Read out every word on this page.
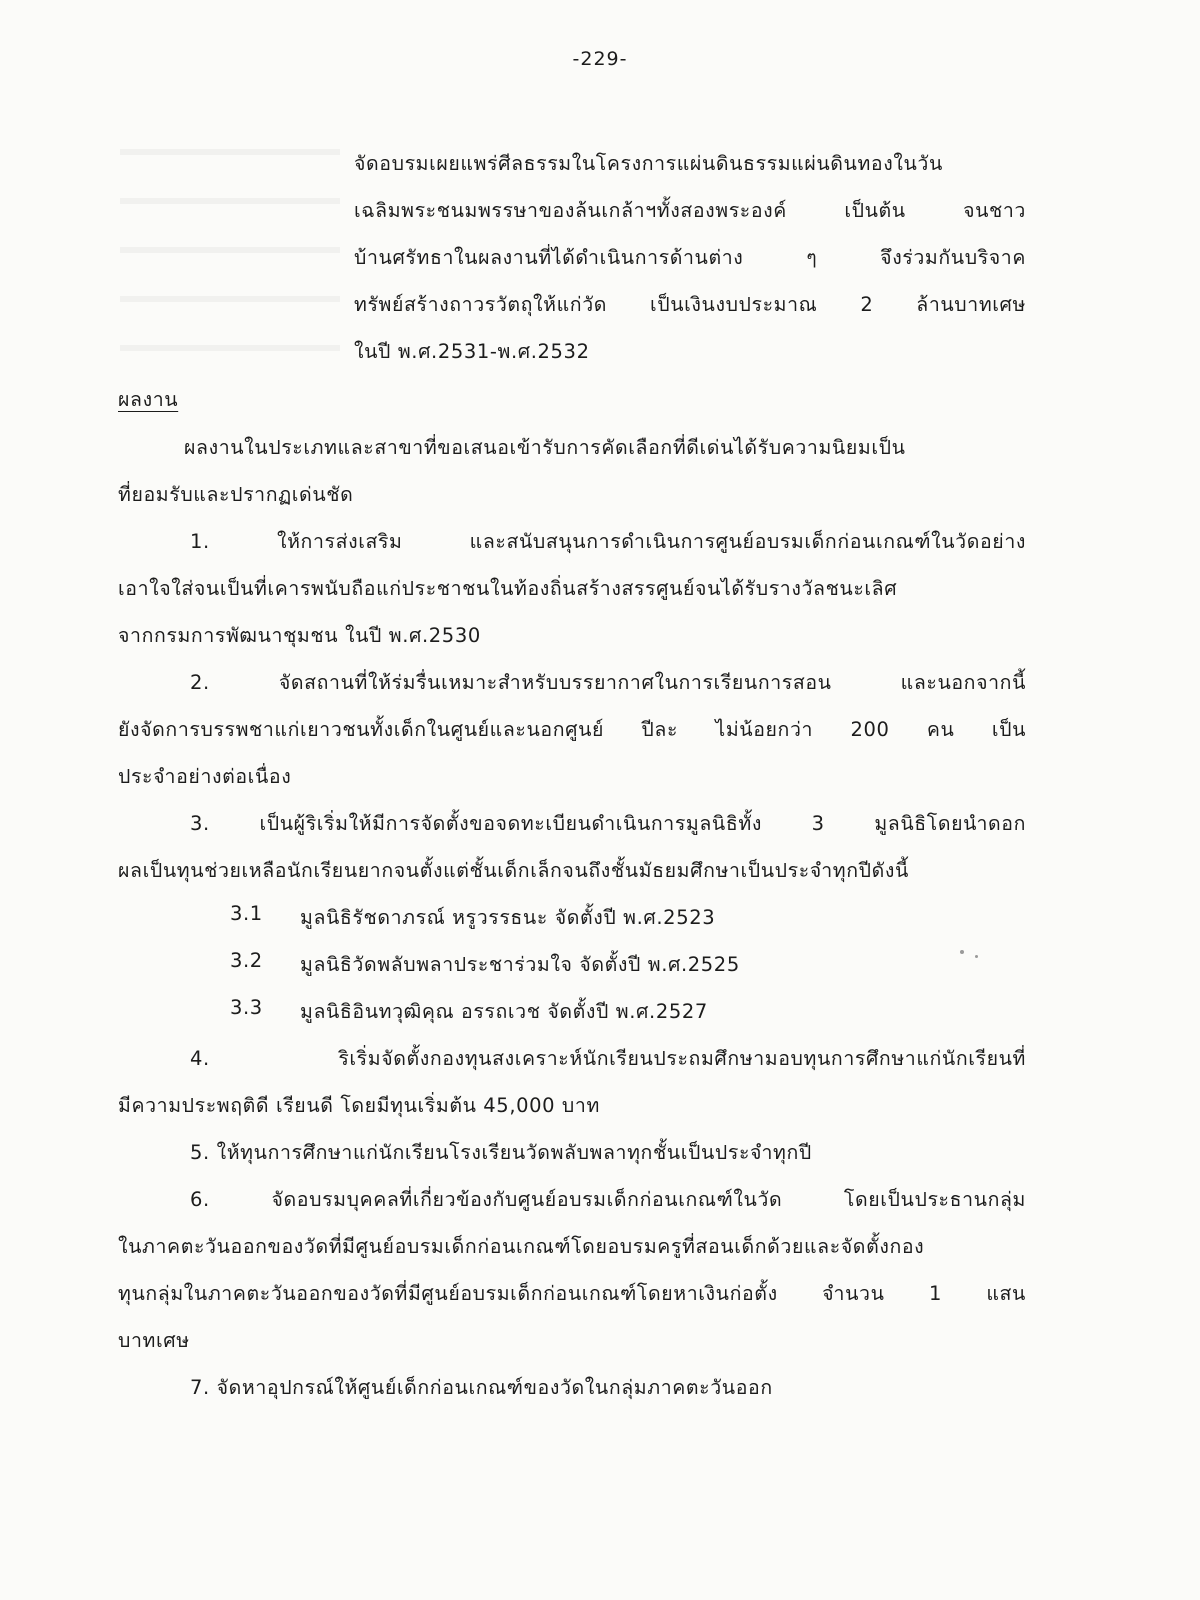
-229-
จัดอบรมเผยแพร่ศีลธรรมในโครงการแผ่นดินธรรมแผ่นดินทองในวัน
เฉลิมพระชนมพรรษาของล้นเกล้าฯทั้งสองพระองค์ เป็นต้น จนชาว
บ้านศรัทธาในผลงานที่ได้ดำเนินการด้านต่าง ๆ จึงร่วมกันบริจาค
ทรัพย์สร้างถาวรวัตถุให้แก่วัด เป็นเงินงบประมาณ 2 ล้านบาทเศษ
ในปี พ.ศ.2531-พ.ศ.2532
ผลงาน
ผลงานในประเภทและสาขาที่ขอเสนอเข้ารับการคัดเลือกที่ดีเด่นได้รับความนิยมเป็น
ที่ยอมรับและปรากฏเด่นชัด
1. ให้การส่งเสริม และสนับสนุนการดำเนินการศูนย์อบรมเด็กก่อนเกณฑ์ในวัดอย่าง
เอาใจใส่จนเป็นที่เคารพนับถือแก่ประชาชนในท้องถิ่นสร้างสรรศูนย์จนได้รับรางวัลชนะเลิศ
จากกรมการพัฒนาชุมชน ในปี พ.ศ.2530
2. จัดสถานที่ให้ร่มรื่นเหมาะสำหรับบรรยากาศในการเรียนการสอน และนอกจากนี้
ยังจัดการบรรพชาแก่เยาวชนทั้งเด็กในศูนย์และนอกศูนย์ ปีละ ไม่น้อยกว่า 200 คน เป็น
ประจำอย่างต่อเนื่อง
3. เป็นผู้ริเริ่มให้มีการจัดตั้งขอจดทะเบียนดำเนินการมูลนิธิทั้ง 3 มูลนิธิโดยนำดอก
ผลเป็นทุนช่วยเหลือนักเรียนยากจนตั้งแต่ชั้นเด็กเล็กจนถึงชั้นมัธยมศึกษาเป็นประจำทุกปีดังนี้
3.1 มูลนิธิรัชดาภรณ์ หรูวรรธนะ จัดตั้งปี พ.ศ.2523
3.2 มูลนิธิวัดพลับพลาประชาร่วมใจ จัดตั้งปี พ.ศ.2525
3.3 มูลนิธิอินทวุฒิคุณ อรรถเวช จัดตั้งปี พ.ศ.2527
4. ริเริ่มจัดตั้งกองทุนสงเคราะห์นักเรียนประถมศึกษามอบทุนการศึกษาแก่นักเรียนที่
มีความประพฤติดี เรียนดี โดยมีทุนเริ่มต้น 45,000 บาท
5. ให้ทุนการศึกษาแก่นักเรียนโรงเรียนวัดพลับพลาทุกชั้นเป็นประจำทุกปี
6. จัดอบรมบุคคลที่เกี่ยวข้องกับศูนย์อบรมเด็กก่อนเกณฑ์ในวัด โดยเป็นประธานกลุ่ม
ในภาคตะวันออกของวัดที่มีศูนย์อบรมเด็กก่อนเกณฑ์โดยอบรมครูที่สอนเด็กด้วยและจัดตั้งกอง
ทุนกลุ่มในภาคตะวันออกของวัดที่มีศูนย์อบรมเด็กก่อนเกณฑ์โดยหาเงินก่อตั้ง จำนวน 1 แสน
บาทเศษ
7. จัดหาอุปกรณ์ให้ศูนย์เด็กก่อนเกณฑ์ของวัดในกลุ่มภาคตะวันออก
